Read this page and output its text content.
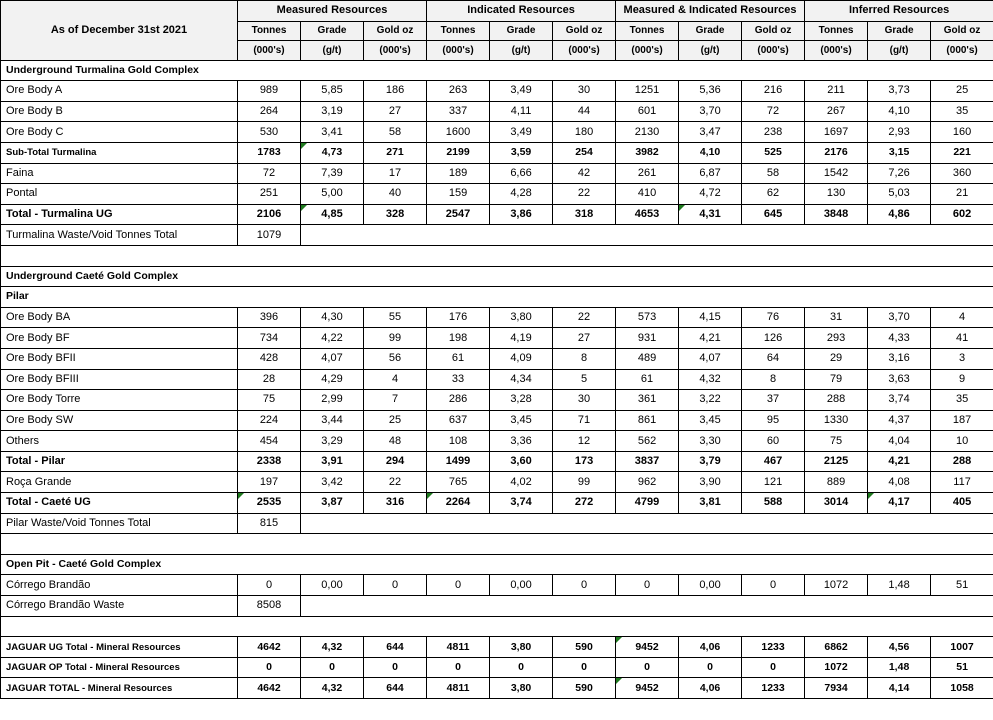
As of December 31st 2021	Measured Resources			Indicated Resources			Measured & Indicated Resources			Inferred Resources		
	Tonnes	Grade	Gold oz	Tonnes	Grade	Gold oz	Tonnes	Grade	Gold oz	Tonnes	Grade	Gold oz
	(000's)	(g/t)	(000's)	(000's)	(g/t)	(000's)	(000's)	(g/t)	(000's)	(000's)	(g/t)	(000's)
Underground Turmalina Gold Complex												
Ore Body A	989	5,85	186	263	3,49	30	1251	5,36	216	211	3,73	25
Ore Body B	264	3,19	27	337	4,11	44	601	3,70	72	267	4,10	35
Ore Body C	530	3,41	58	1600	3,49	180	2130	3,47	238	1697	2,93	160
Sub-Total Turmalina	1783	4,73	271	2199	3,59	254	3982	4,10	525	2176	3,15	221
Faina	72	7,39	17	189	6,66	42	261	6,87	58	1542	7,26	360
Pontal	251	5,00	40	159	4,28	22	410	4,72	62	130	5,03	21
Total - Turmalina UG	2106	4,85	328	2547	3,86	318	4653	4,31	645	3848	4,86	602
Turmalina Waste/Void Tonnes Total	1079											

Underground Caeté Gold Complex												
Pilar												
Ore Body BA	396	4,30	55	176	3,80	22	573	4,15	76	31	3,70	4
Ore Body BF	734	4,22	99	198	4,19	27	931	4,21	126	293	4,33	41
Ore Body BFII	428	4,07	56	61	4,09	8	489	4,07	64	29	3,16	3
Ore Body BFIII	28	4,29	4	33	4,34	5	61	4,32	8	79	3,63	9
Ore Body Torre	75	2,99	7	286	3,28	30	361	3,22	37	288	3,74	35
Ore Body SW	224	3,44	25	637	3,45	71	861	3,45	95	1330	4,37	187
Others	454	3,29	48	108	3,36	12	562	3,30	60	75	4,04	10
Total - Pilar	2338	3,91	294	1499	3,60	173	3837	3,79	467	2125	4,21	288
Roça Grande	197	3,42	22	765	4,02	99	962	3,90	121	889	4,08	117
Total - Caeté UG	2535	3,87	316	2264	3,74	272	4799	3,81	588	3014	4,17	405
Pilar Waste/Void Tonnes Total	815											

Open Pit - Caeté Gold Complex												
Córrego Brandão	0	0,00	0	0	0,00	0	0	0,00	0	1072	1,48	51
Córrego Brandão Waste	8508											

JAGUAR UG Total - Mineral Resources	4642	4,32	644	4811	3,80	590	9452	4,06	1233	6862	4,56	1007
JAGUAR OP Total - Mineral Resources	0	0	0	0	0	0	0	0	0	1072	1,48	51
JAGUAR TOTAL - Mineral Resources	4642	4,32	644	4811	3,80	590	9452	4,06	1233	7934	4,14	1058
